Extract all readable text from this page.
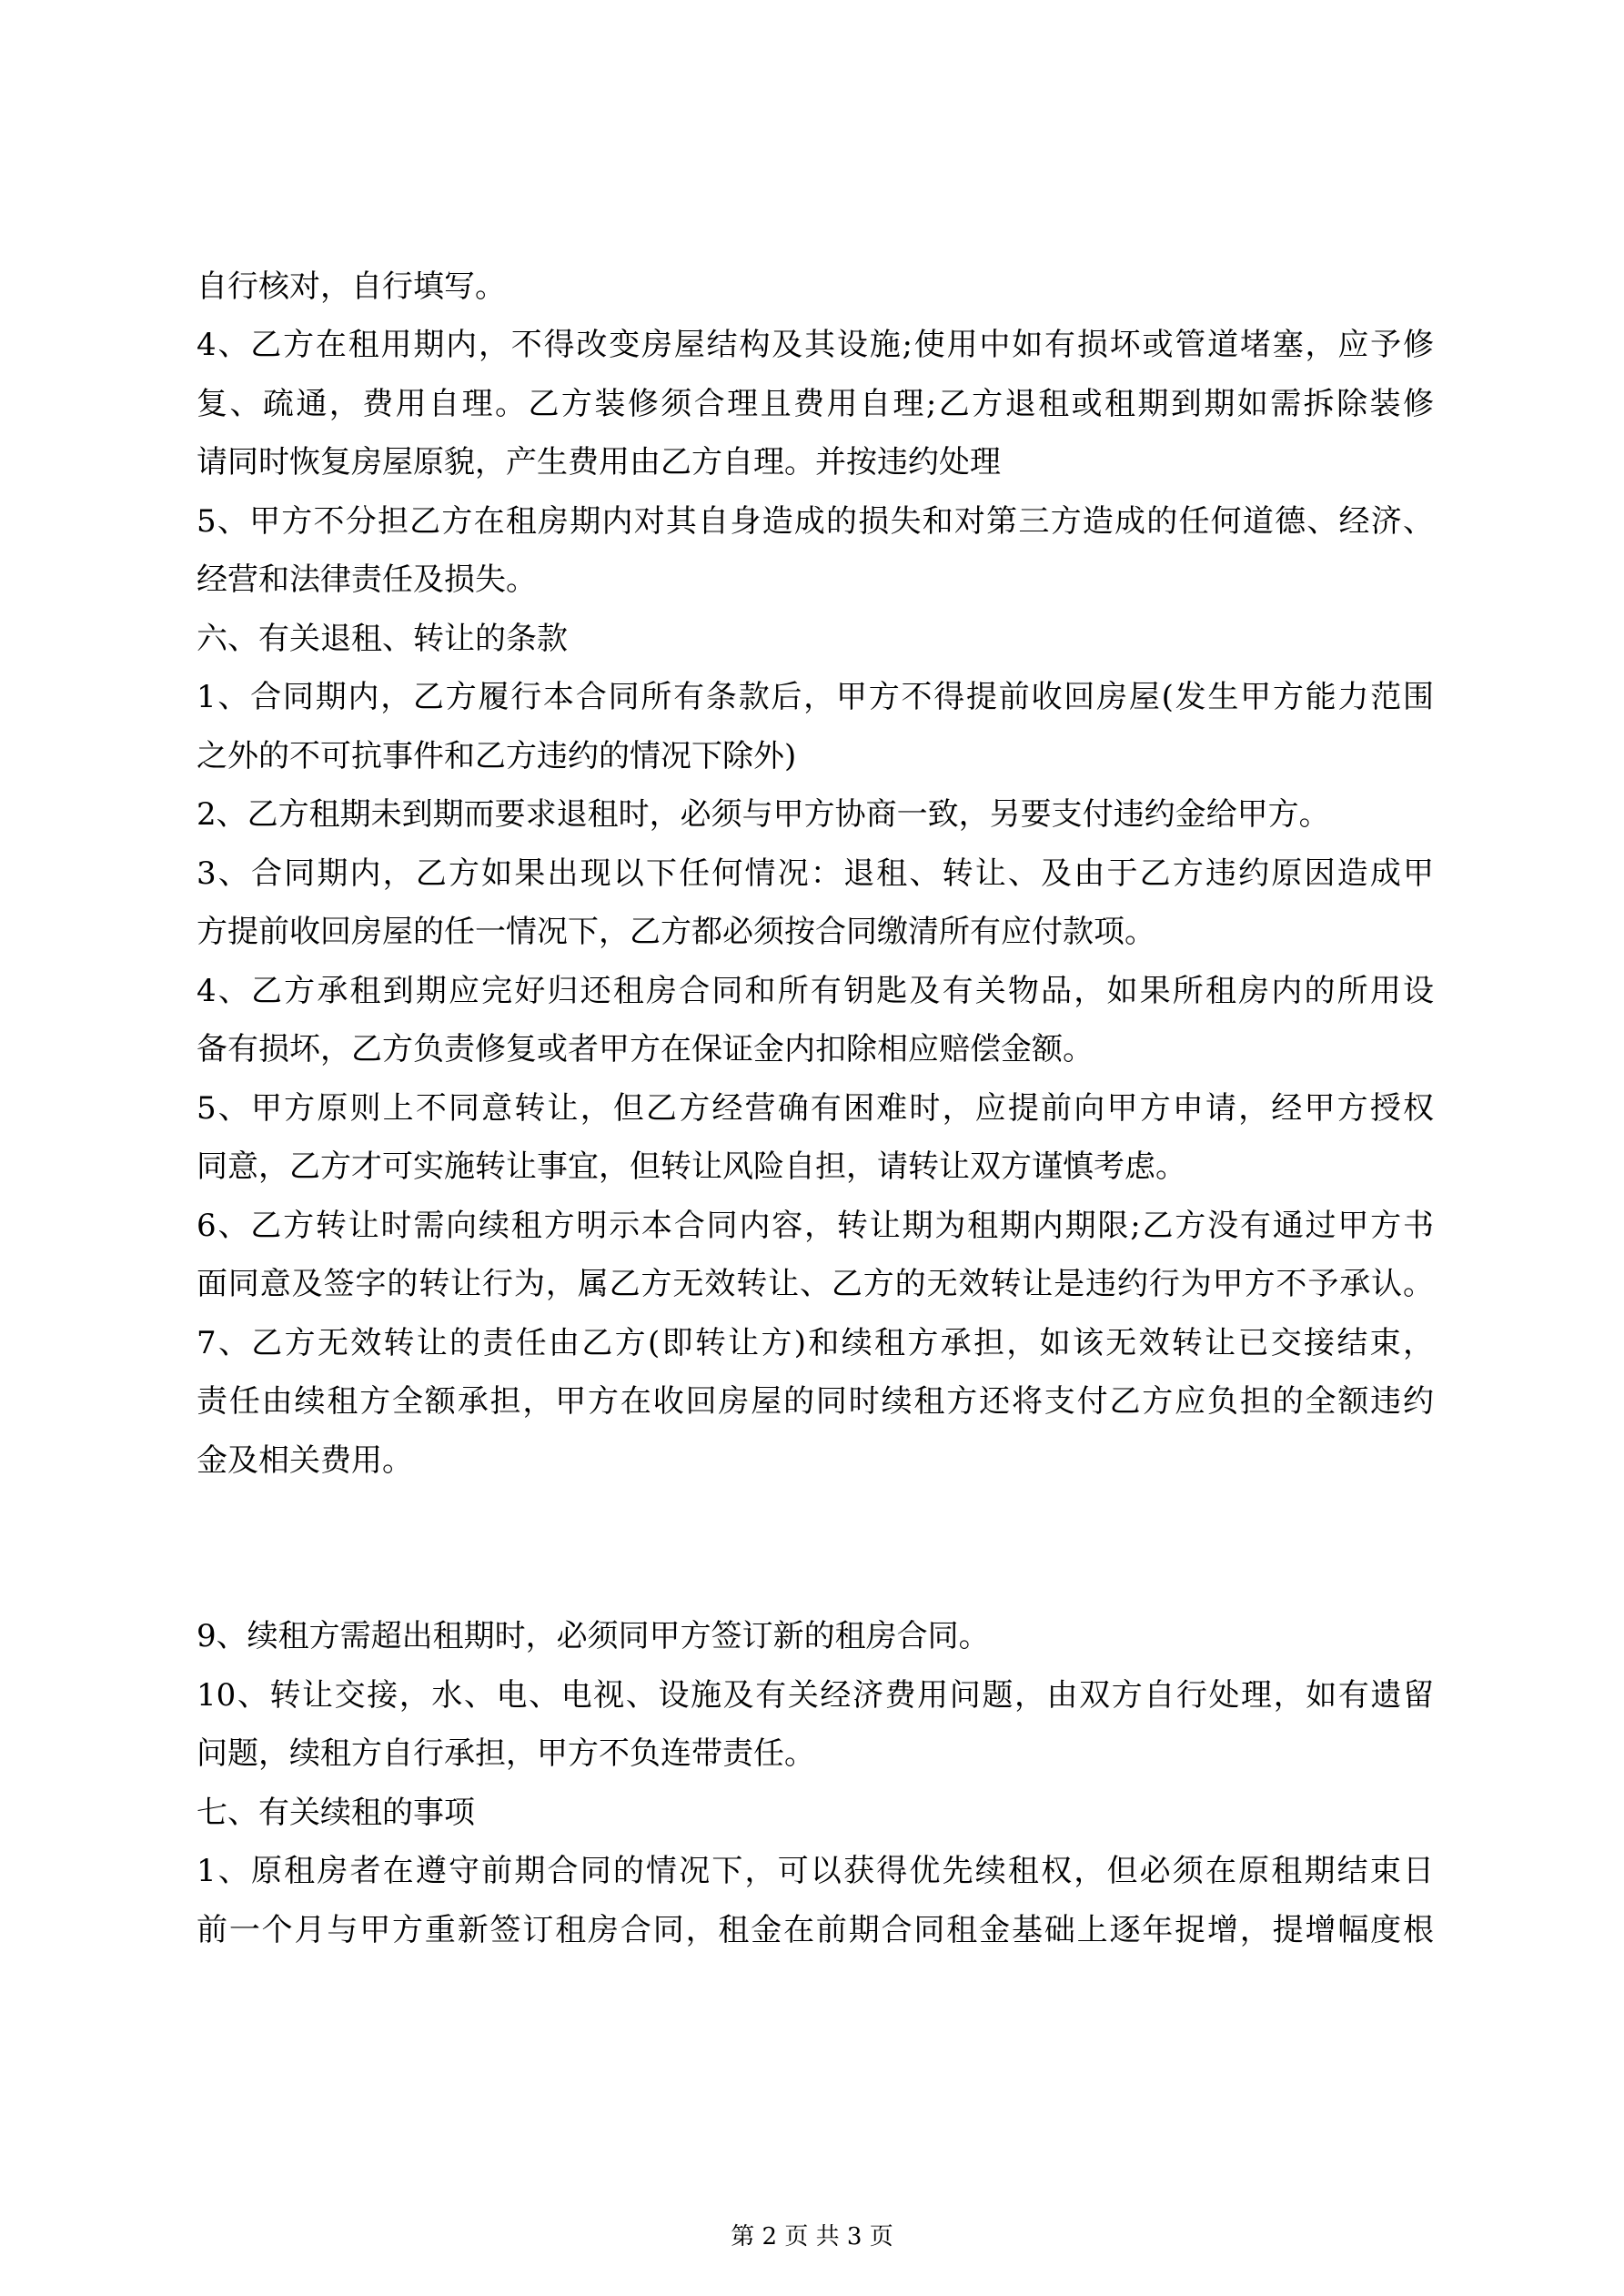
自行核对，自行填写。
4、乙方在租用期内，不得改变房屋结构及其设施;使用中如有损坏或管道堵塞，应予修
复、疏通，费用自理。乙方装修须合理且费用自理;乙方退租或租期到期如需拆除装修
请同时恢复房屋原貌，产生费用由乙方自理。并按违约处理
5、甲方不分担乙方在租房期内对其自身造成的损失和对第三方造成的任何道德、经济、
经营和法律责任及损失。
六、有关退租、转让的条款
1、合同期内，乙方履行本合同所有条款后，甲方不得提前收回房屋(发生甲方能力范围
之外的不可抗事件和乙方违约的情况下除外)
2、乙方租期未到期而要求退租时，必须与甲方协商一致，另要支付违约金给甲方。
3、合同期内，乙方如果出现以下任何情况：退租、转让、及由于乙方违约原因造成甲
方提前收回房屋的任一情况下，乙方都必须按合同缴清所有应付款项。
4、乙方承租到期应完好归还租房合同和所有钥匙及有关物品，如果所租房内的所用设
备有损坏，乙方负责修复或者甲方在保证金内扣除相应赔偿金额。
5、甲方原则上不同意转让，但乙方经营确有困难时，应提前向甲方申请，经甲方授权
同意，乙方才可实施转让事宜，但转让风险自担，请转让双方谨慎考虑。
6、乙方转让时需向续租方明示本合同内容，转让期为租期内期限;乙方没有通过甲方书
面同意及签字的转让行为，属乙方无效转让、乙方的无效转让是违约行为甲方不予承认。
7、乙方无效转让的责任由乙方(即转让方)和续租方承担，如该无效转让已交接结束，
责任由续租方全额承担，甲方在收回房屋的同时续租方还将支付乙方应负担的全额违约
金及相关费用。

9、续租方需超出租期时，必须同甲方签订新的租房合同。
10、转让交接，水、电、电视、设施及有关经济费用问题，由双方自行处理，如有遗留
问题，续租方自行承担，甲方不负连带责任。
七、有关续租的事项
1、原租房者在遵守前期合同的情况下，可以获得优先续租权，但必须在原租期结束日
前一个月与甲方重新签订租房合同，租金在前期合同租金基础上逐年捉增，提增幅度根
第 2 页 共 3 页
